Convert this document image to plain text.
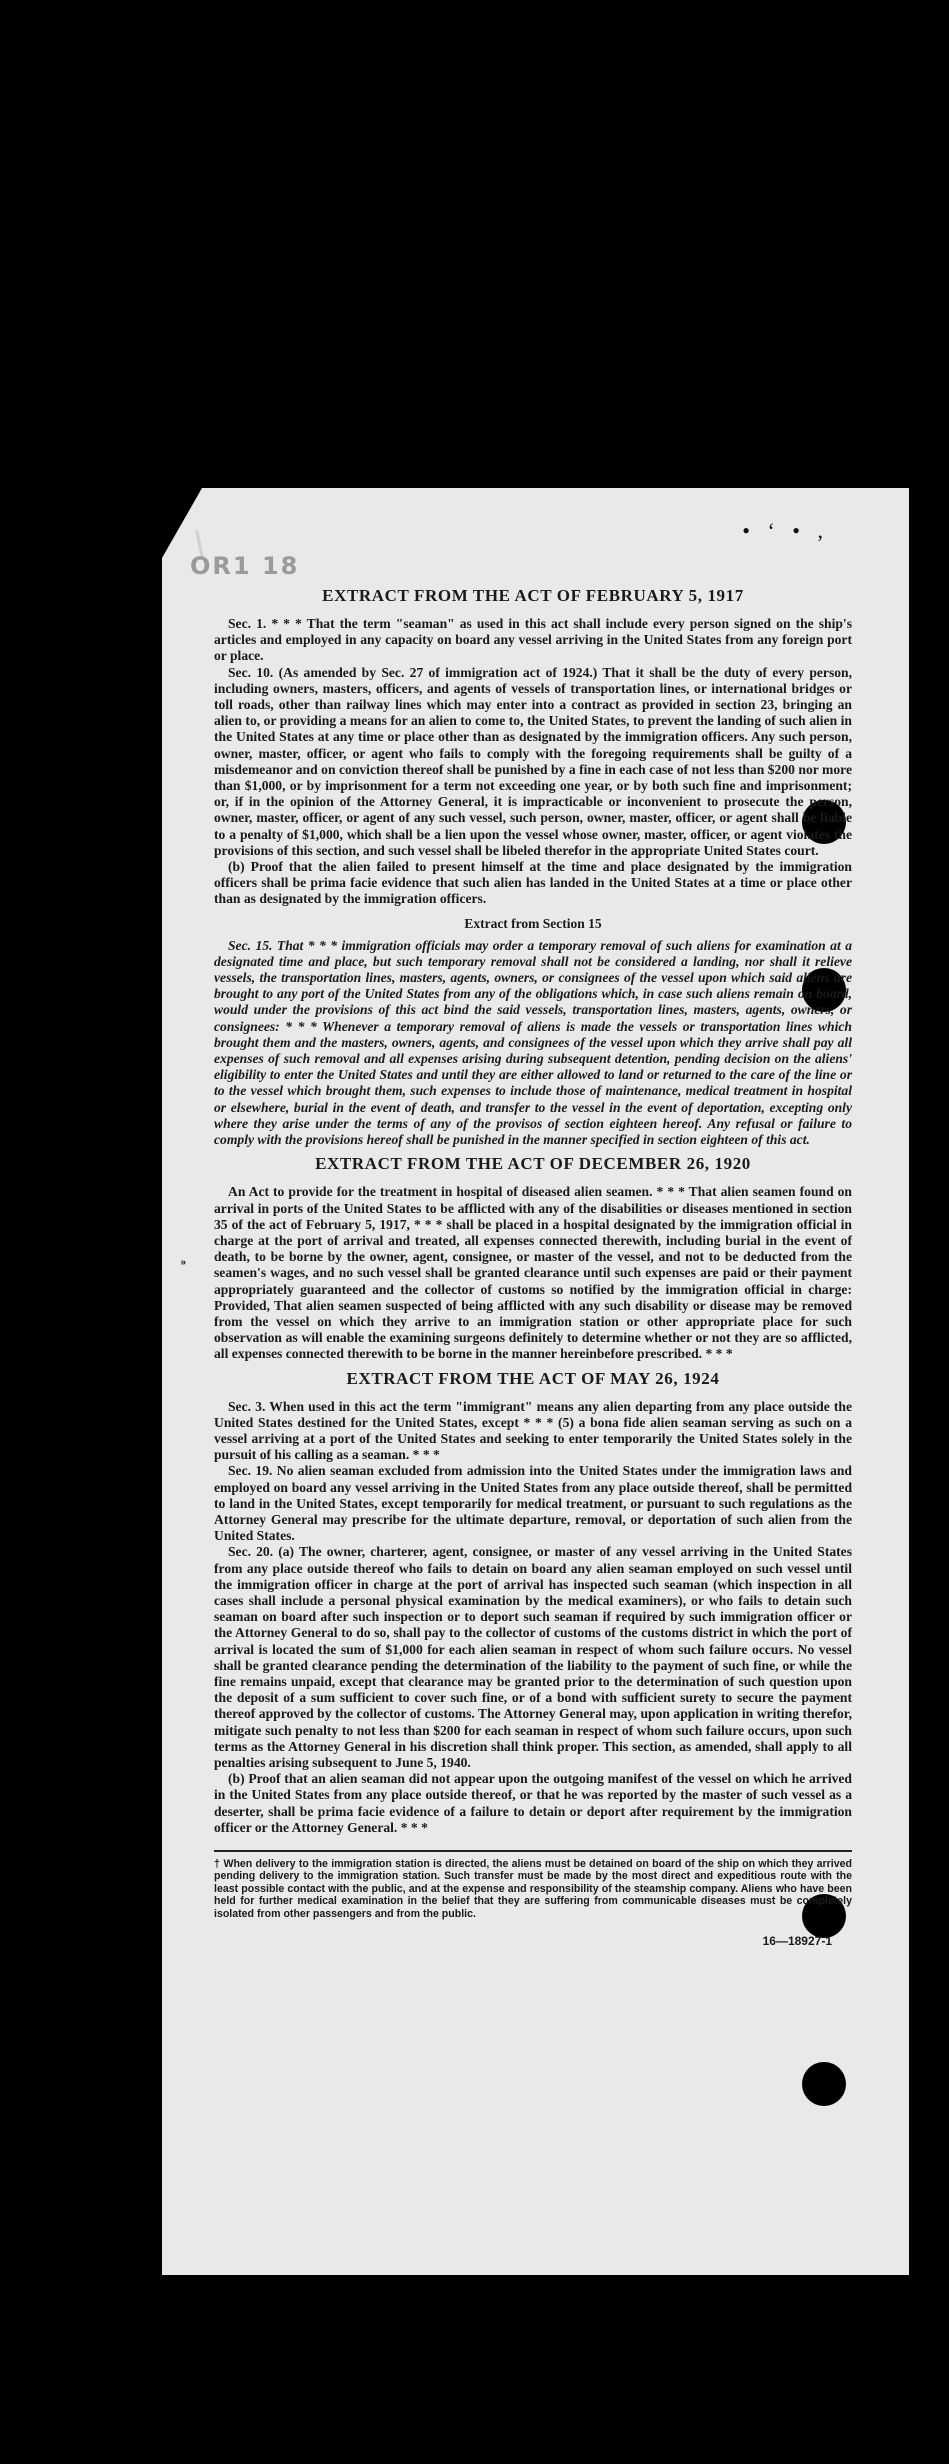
OR1 18
• ‘ • ,
⁍
EXTRACT FROM THE ACT OF FEBRUARY 5, 1917

Sec. 1. * * * That the term "seaman" as used in this act shall include every person signed on the ship's articles and employed in any capacity on board any vessel arriving in the United States from any foreign port or place.

Sec. 10. (As amended by Sec. 27 of immigration act of 1924.) That it shall be the duty of every person, including owners, masters, officers, and agents of vessels of transportation lines, or international bridges or toll roads, other than railway lines which may enter into a contract as provided in section 23, bringing an alien to, or providing a means for an alien to come to, the United States, to prevent the landing of such alien in the United States at any time or place other than as designated by the immigration officers. Any such person, owner, master, officer, or agent who fails to comply with the foregoing requirements shall be guilty of a misdemeanor and on conviction thereof shall be punished by a fine in each case of not less than $200 nor more than $1,000, or by imprisonment for a term not exceeding one year, or by both such fine and imprisonment; or, if in the opinion of the Attorney General, it is impracticable or inconvenient to prosecute the person, owner, master, officer, or agent of any such vessel, such person, owner, master, officer, or agent shall be liable to a penalty of $1,000, which shall be a lien upon the vessel whose owner, master, officer, or agent violates the provisions of this section, and such vessel shall be libeled therefor in the appropriate United States court.

(b) Proof that the alien failed to present himself at the time and place designated by the immigration officers shall be prima facie evidence that such alien has landed in the United States at a time or place other than as designated by the immigration officers.

Extract from Section 15

Sec. 15. That * * * immigration officials may order a temporary removal of such aliens for examination at a designated time and place, but such temporary removal shall not be considered a landing, nor shall it relieve vessels, the transportation lines, masters, agents, owners, or consignees of the vessel upon which said aliens are brought to any port of the United States from any of the obligations which, in case such aliens remain on board, would under the provisions of this act bind the said vessels, transportation lines, masters, agents, owners, or consignees: * * * Whenever a temporary removal of aliens is made the vessels or transportation lines which brought them and the masters, owners, agents, and consignees of the vessel upon which they arrive shall pay all expenses of such removal and all expenses arising during subsequent detention, pending decision on the aliens' eligibility to enter the United States and until they are either allowed to land or returned to the care of the line or to the vessel which brought them, such expenses to include those of maintenance, medical treatment in hospital or elsewhere, burial in the event of death, and transfer to the vessel in the event of deportation, excepting only where they arise under the terms of any of the provisos of section eighteen hereof. Any refusal or failure to comply with the provisions hereof shall be punished in the manner specified in section eighteen of this act.

EXTRACT FROM THE ACT OF DECEMBER 26, 1920

An Act to provide for the treatment in hospital of diseased alien seamen. * * * That alien seamen found on arrival in ports of the United States to be afflicted with any of the disabilities or diseases mentioned in section 35 of the act of February 5, 1917, * * * shall be placed in a hospital designated by the immigration official in charge at the port of arrival and treated, all expenses connected therewith, including burial in the event of death, to be borne by the owner, agent, consignee, or master of the vessel, and not to be deducted from the seamen's wages, and no such vessel shall be granted clearance until such expenses are paid or their payment appropriately guaranteed and the collector of customs so notified by the immigration official in charge: Provided, That alien seamen suspected of being afflicted with any such disability or disease may be removed from the vessel on which they arrive to an immigration station or other appropriate place for such observation as will enable the examining surgeons definitely to determine whether or not they are so afflicted, all expenses connected therewith to be borne in the manner hereinbefore prescribed. * * *

EXTRACT FROM THE ACT OF MAY 26, 1924

Sec. 3. When used in this act the term "immigrant" means any alien departing from any place outside the United States destined for the United States, except * * * (5) a bona fide alien seaman serving as such on a vessel arriving at a port of the United States and seeking to enter temporarily the United States solely in the pursuit of his calling as a seaman. * * *

Sec. 19. No alien seaman excluded from admission into the United States under the immigration laws and employed on board any vessel arriving in the United States from any place outside thereof, shall be permitted to land in the United States, except temporarily for medical treatment, or pursuant to such regulations as the Attorney General may prescribe for the ultimate departure, removal, or deportation of such alien from the United States.

Sec. 20. (a) The owner, charterer, agent, consignee, or master of any vessel arriving in the United States from any place outside thereof who fails to detain on board any alien seaman employed on such vessel until the immigration officer in charge at the port of arrival has inspected such seaman (which inspection in all cases shall include a personal physical examination by the medical examiners), or who fails to detain such seaman on board after such inspection or to deport such seaman if required by such immigration officer or the Attorney General to do so, shall pay to the collector of customs of the customs district in which the port of arrival is located the sum of $1,000 for each alien seaman in respect of whom such failure occurs. No vessel shall be granted clearance pending the determination of the liability to the payment of such fine, or while the fine remains unpaid, except that clearance may be granted prior to the determination of such question upon the deposit of a sum sufficient to cover such fine, or of a bond with sufficient surety to secure the payment thereof approved by the collector of customs. The Attorney General may, upon application in writing therefor, mitigate such penalty to not less than $200 for each seaman in respect of whom such failure occurs, upon such terms as the Attorney General in his discretion shall think proper. This section, as amended, shall apply to all penalties arising subsequent to June 5, 1940.

(b) Proof that an alien seaman did not appear upon the outgoing manifest of the vessel on which he arrived in the United States from any place outside thereof, or that he was reported by the master of such vessel as a deserter, shall be prima facie evidence of a failure to detain or deport after requirement by the immigration officer or the Attorney General. * * *

† When delivery to the immigration station is directed, the aliens must be detained on board of the ship on which they arrived pending delivery to the immigration station. Such transfer must be made by the most direct and expeditious route with the least possible contact with the public, and at the expense and responsibility of the steamship company. Aliens who have been held for further medical examination in the belief that they are suffering from communicable diseases must be completely isolated from other passengers and from the public.

16—18927-1
